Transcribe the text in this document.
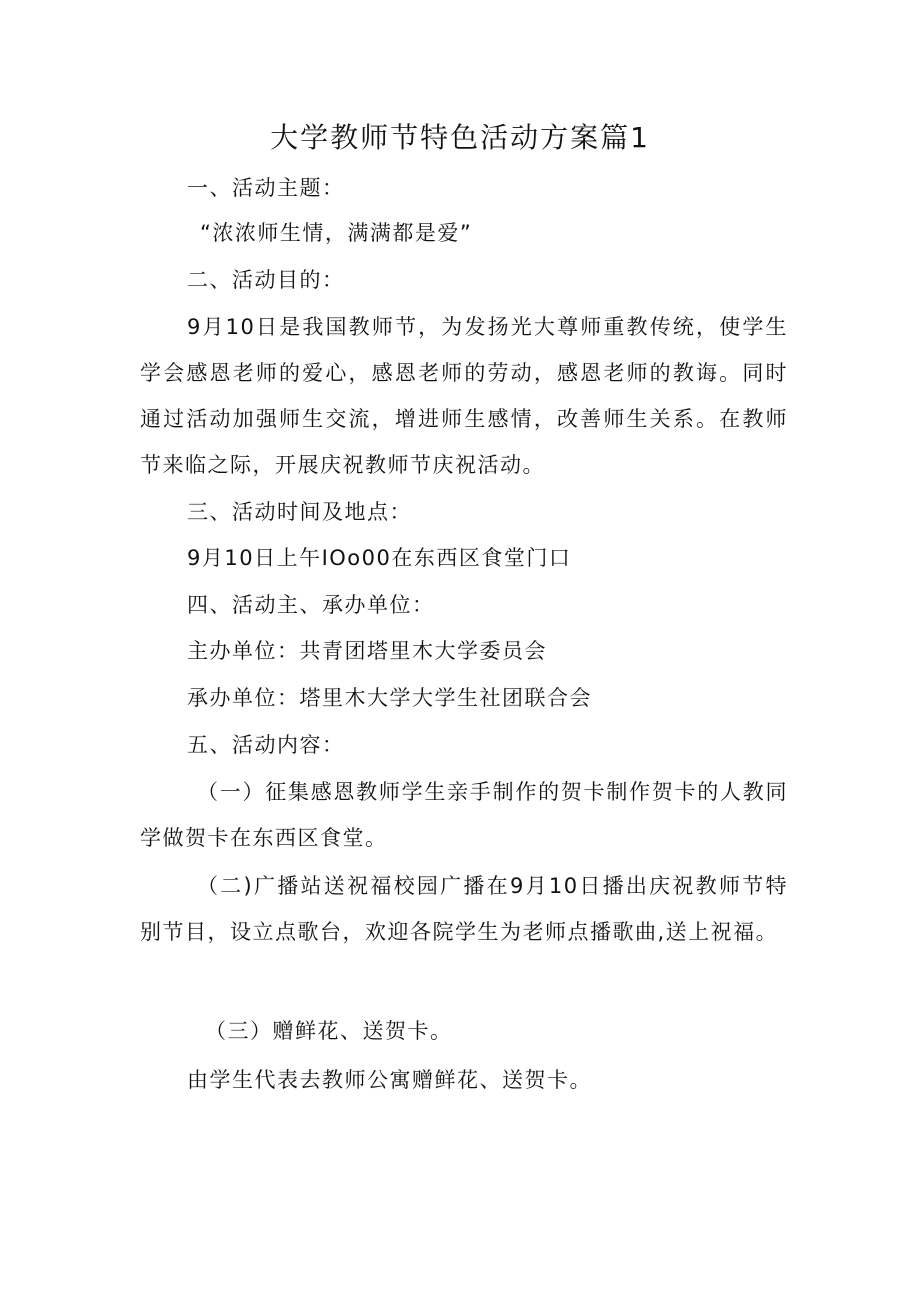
大学教师节特色活动方案篇1
一、活动主题：
“浓浓师生情，满满都是爱”
二、活动目的：
9月10日是我国教师节，为发扬光大尊师重教传统，使学生学会感恩老师的爱心，感恩老师的劳动，感恩老师的教诲。同时通过活动加强师生交流，增进师生感情，改善师生关系。在教师节来临之际，开展庆祝教师节庆祝活动。
三、活动时间及地点：
9月10日上午IOo00在东西区食堂门口
四、活动主、承办单位：
主办单位：共青团塔里木大学委员会
承办单位：塔里木大学大学生社团联合会
五、活动内容：
（一）征集感恩教师学生亲手制作的贺卡制作贺卡的人教同学做贺卡在东西区食堂。
（二)广播站送祝福校园广播在9月10日播出庆祝教师节特别节目，设立点歌台，欢迎各院学生为老师点播歌曲,送上祝福。
（三）赠鲜花、送贺卡。
由学生代表去教师公寓赠鲜花、送贺卡。
